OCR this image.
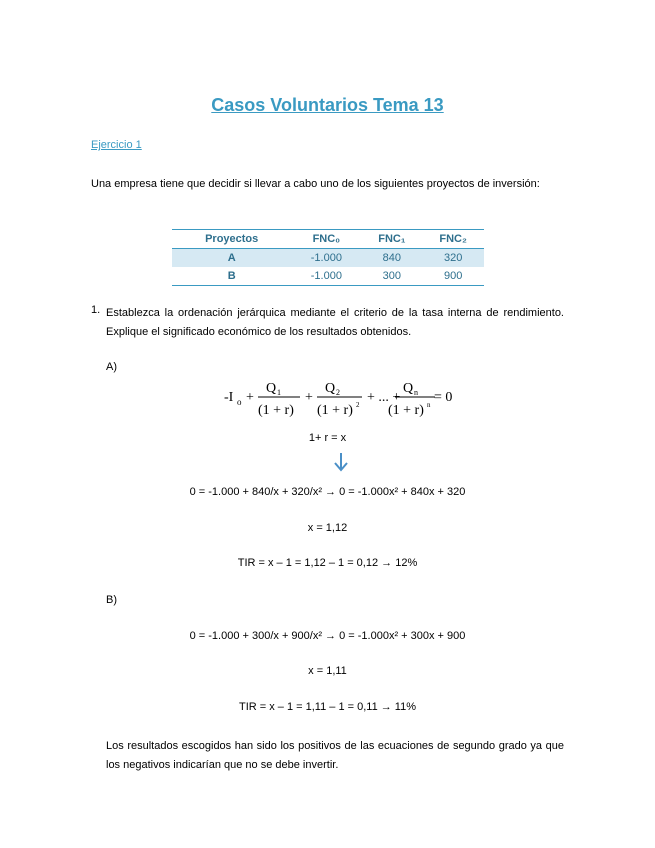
Casos Voluntarios Tema 13
Ejercicio 1
Una empresa tiene que decidir si llevar a cabo uno de los siguientes proyectos de inversión:
Proyectos	FNC₀	FNC₁	FNC₂
A	-1.000	840	320
B	-1.000	300	900
1. Establezca la ordenación jerárquica mediante el criterio de la tasa interna de rendimiento. Explique el significado económico de los resultados obtenidos.
A)
-I o +
Q 1
(1 + r)
+
Q 2
(1 + r) 2 + ... +
Q n
(1 + r) n = 0
1+ r = x
0 = -1.000 + 840/x + 320/x² → 0 = -1.000x² + 840x + 320
x = 1,12
TIR = x – 1 = 1,12 – 1 = 0,12 → 12%
B)
0 = -1.000 + 300/x + 900/x² → 0 = -1.000x² + 300x + 900
x = 1,11
TIR = x – 1 = 1,11 – 1 = 0,11 → 11%
Los resultados escogidos han sido los positivos de las ecuaciones de segundo grado ya que los negativos indicarían que no se debe invertir.
